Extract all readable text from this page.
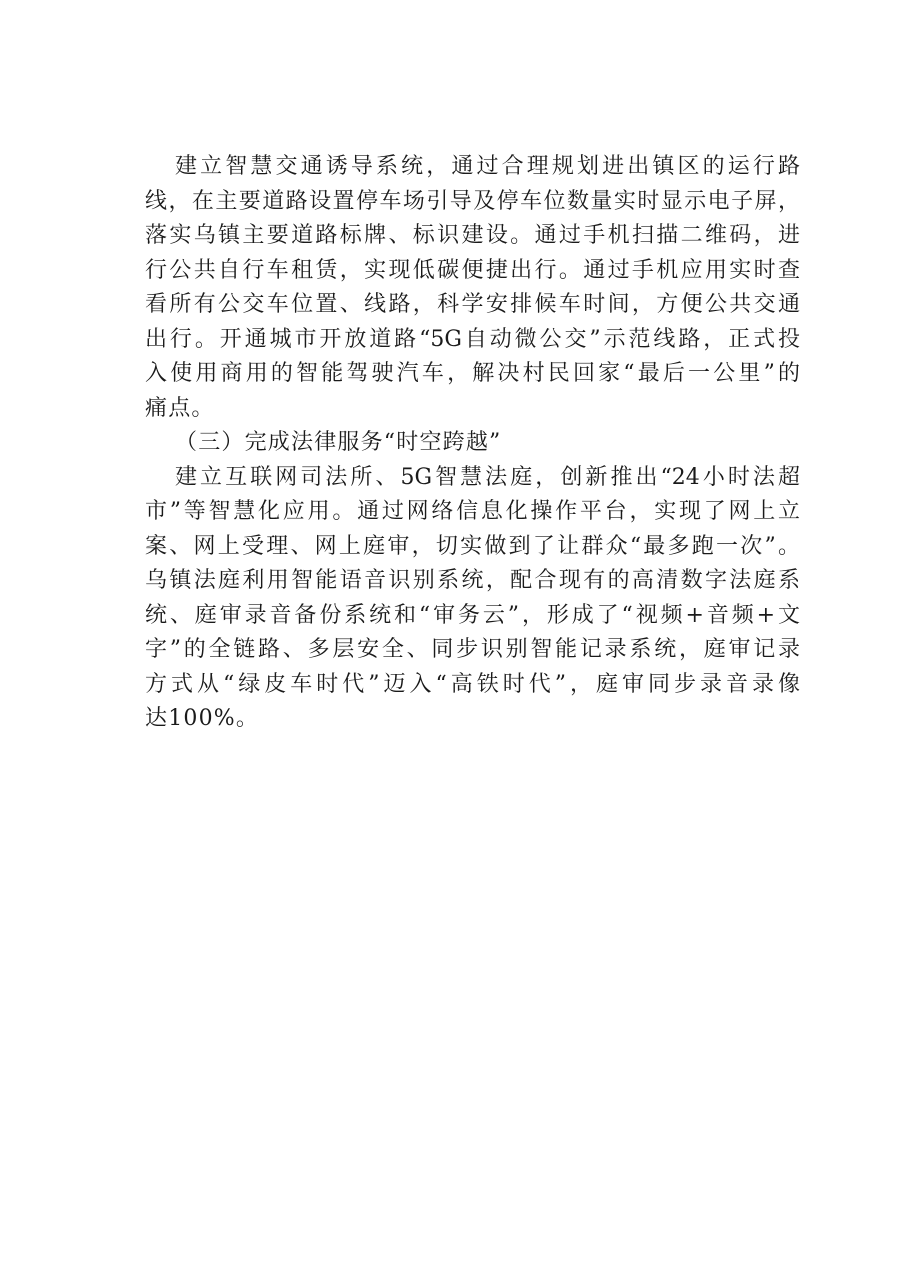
建立智慧交通诱导系统，通过合理规划进出镇区的运行路
线，在主要道路设置停车场引导及停车位数量实时显示电子屏，
落实乌镇主要道路标牌、标识建设。通过手机扫描二维码，进
行公共自行车租赁，实现低碳便捷出行。通过手机应用实时查
看所有公交车位置、线路，科学安排候车时间，方便公共交通
出行。开通城市开放道路“5G自动微公交”示范线路，正式投
入使用商用的智能驾驶汽车，解决村民回家“最后一公里”的
痛点。
（三）完成法律服务“时空跨越”
建立互联网司法所、5G智慧法庭，创新推出“24小时法超
市”等智慧化应用。通过网络信息化操作平台，实现了网上立
案、网上受理、网上庭审，切实做到了让群众“最多跑一次”。
乌镇法庭利用智能语音识别系统，配合现有的高清数字法庭系
统、庭审录音备份系统和“审务云”，形成了“视频+音频+文
字”的全链路、多层安全、同步识别智能记录系统，庭审记录
方式从“绿皮车时代”迈入“高铁时代”，庭审同步录音录像
达100%。
